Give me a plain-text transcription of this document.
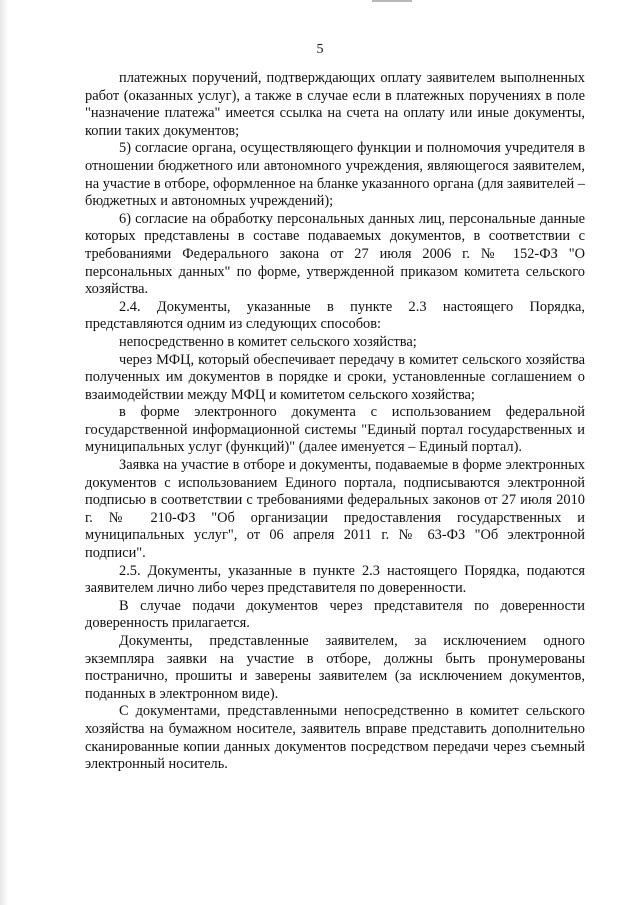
5

платежных поручений, подтверждающих оплату заявителем выполненных работ (оказанных услуг), а также в случае если в платежных поручениях в поле "назначение платежа" имеется ссылка на счета на оплату или иные документы, копии таких документов;

5) согласие органа, осуществляющего функции и полномочия учредителя в отношении бюджетного или автономного учреждения, являющегося заявителем, на участие в отборе, оформленное на бланке указанного органа (для заявителей – бюджетных и автономных учреждений);

6) согласие на обработку персональных данных лиц, персональные данные которых представлены в составе подаваемых документов, в соответствии с требованиями Федерального закона от 27 июля 2006 г. № 152-ФЗ "О персональных данных" по форме, утвержденной приказом комитета сельского хозяйства.

2.4. Документы, указанные в пункте 2.3 настоящего Порядка, представляются одним из следующих способов:

непосредственно в комитет сельского хозяйства;

через МФЦ, который обеспечивает передачу в комитет сельского хозяйства полученных им документов в порядке и сроки, установленные соглашением о взаимодействии между МФЦ и комитетом сельского хозяйства;

в форме электронного документа с использованием федеральной государственной информационной системы "Единый портал государственных и муниципальных услуг (функций)" (далее именуется – Единый портал).

Заявка на участие в отборе и документы, подаваемые в форме электронных документов с использованием Единого портала, подписываются электронной подписью в соответствии с требованиями федеральных законов от 27 июля 2010 г. № 210-ФЗ "Об организации предоставления государственных и муниципальных услуг", от 06 апреля 2011 г. № 63-ФЗ "Об электронной подписи".

2.5. Документы, указанные в пункте 2.3 настоящего Порядка, подаются заявителем лично либо через представителя по доверенности.

В случае подачи документов через представителя по доверенности доверенность прилагается.

Документы, представленные заявителем, за исключением одного экземпляра заявки на участие в отборе, должны быть пронумерованы постранично, прошиты и заверены заявителем (за исключением документов, поданных в электронном виде).

С документами, представленными непосредственно в комитет сельского хозяйства на бумажном носителе, заявитель вправе представить дополнительно сканированные копии данных документов посредством передачи через съемный электронный носитель.
